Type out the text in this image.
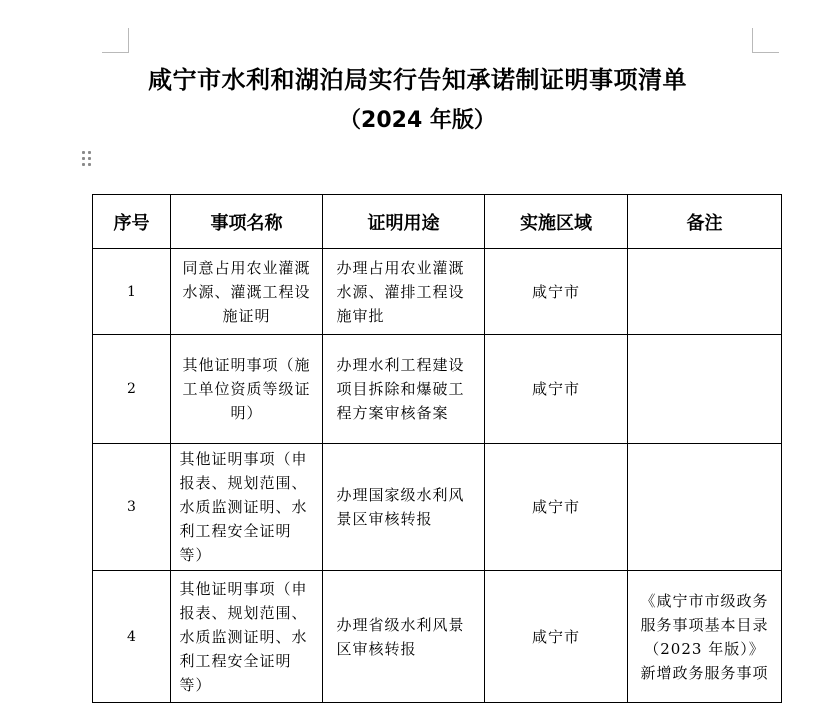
咸宁市水利和湖泊局实行告知承诺制证明事项清单
（2024 年版）
序号	事项名称	证明用途	实施区域	备注
1	同意占用农业灌溉水源、灌溉工程设施证明	办理占用农业灌溉水源、灌排工程设施审批	咸宁市	
2	其他证明事项（施工单位资质等级证明）	办理水利工程建设项目拆除和爆破工程方案审核备案	咸宁市	
3	其他证明事项（申报表、规划范围、水质监测证明、水利工程安全证明等）	办理国家级水利风景区审核转报	咸宁市	
4	其他证明事项（申报表、规划范围、水质监测证明、水利工程安全证明等）	办理省级水利风景区审核转报	咸宁市	《咸宁市市级政务服务事项基本目录（2023 年版）》新增政务服务事项
